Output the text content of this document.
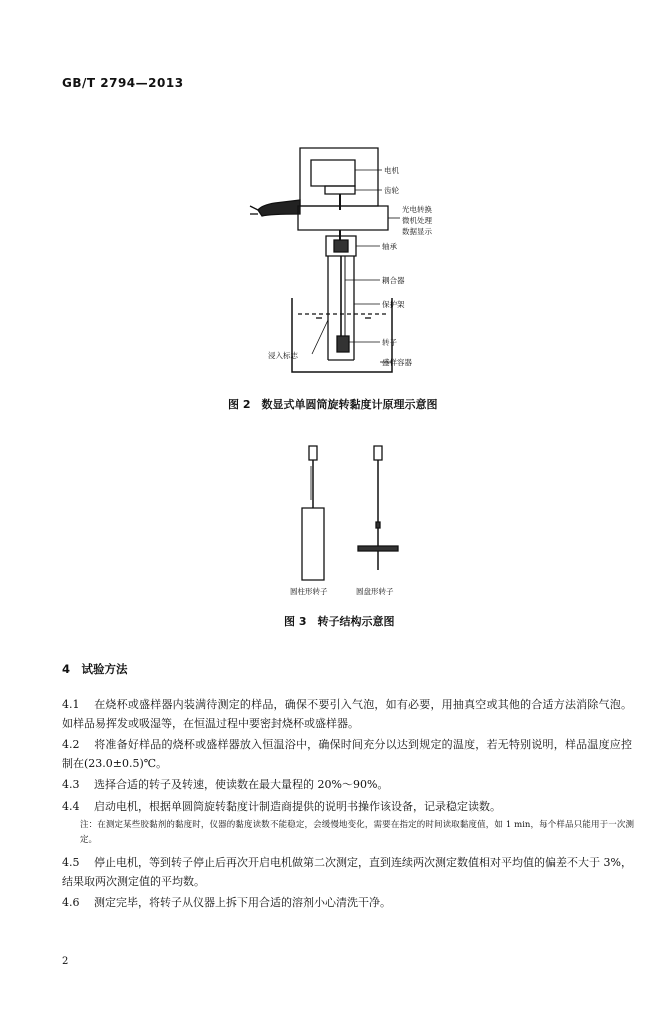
GB/T 2794—2013
电机
齿轮
光电转换
微机处理
数据显示
轴承
耦合器
保护架
转子
盛样容器
浸入标志
图 2　数显式单圆筒旋转黏度计原理示意图
圆柱形转子	圆盘形转子
图 3　转子结构示意图
4　试验方法
4.1 在烧杯或盛样器内装满待测定的样品，确保不要引入气泡，如有必要，用抽真空或其他的合适方法消除气泡。如样品易挥发或吸湿等，在恒温过程中要密封烧杯或盛样器。
4.2 将准备好样品的烧杯或盛样器放入恒温浴中，确保时间充分以达到规定的温度，若无特别说明，样品温度应控制在(23.0±0.5)℃。
4.3 选择合适的转子及转速，使读数在最大量程的 20%～90%。
4.4 启动电机，根据单圆筒旋转黏度计制造商提供的说明书操作该设备，记录稳定读数。
注：在测定某些胶黏剂的黏度时，仪器的黏度读数不能稳定，会缓慢地变化，需要在指定的时间读取黏度值，如 1 min，每个样品只能用于一次测定。
4.5 停止电机，等到转子停止后再次开启电机做第二次测定，直到连续两次测定数值相对平均值的偏差不大于 3%，结果取两次测定值的平均数。
4.6 测定完毕，将转子从仪器上拆下用合适的溶剂小心清洗干净。
2
